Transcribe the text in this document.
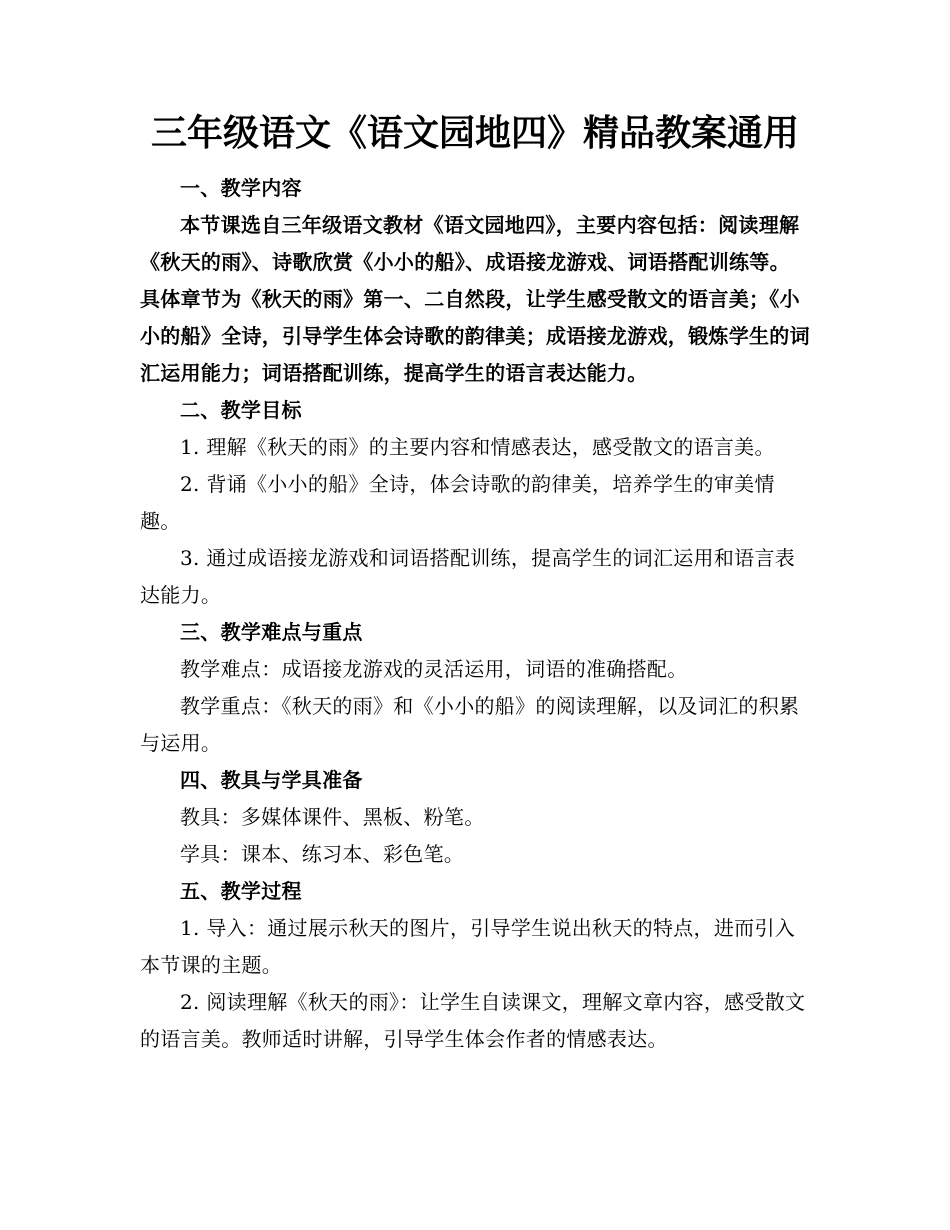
三年级语文《语文园地四》精品教案通用

一、教学内容

本节课选自三年级语文教材《语文园地四》，主要内容包括：阅读理解《秋天的雨》、诗歌欣赏《小小的船》、成语接龙游戏、词语搭配训练等。具体章节为《秋天的雨》第一、二自然段，让学生感受散文的语言美；《小小的船》全诗，引导学生体会诗歌的韵律美；成语接龙游戏，锻炼学生的词汇运用能力；词语搭配训练，提高学生的语言表达能力。

二、教学目标

1. 理解《秋天的雨》的主要内容和情感表达，感受散文的语言美。

2. 背诵《小小的船》全诗，体会诗歌的韵律美，培养学生的审美情趣。

3. 通过成语接龙游戏和词语搭配训练，提高学生的词汇运用和语言表达能力。

三、教学难点与重点

教学难点：成语接龙游戏的灵活运用，词语的准确搭配。

教学重点：《秋天的雨》和《小小的船》的阅读理解，以及词汇的积累与运用。

四、教具与学具准备

教具：多媒体课件、黑板、粉笔。

学具：课本、练习本、彩色笔。

五、教学过程

1. 导入：通过展示秋天的图片，引导学生说出秋天的特点，进而引入本节课的主题。

2. 阅读理解《秋天的雨》：让学生自读课文，理解文章内容，感受散文的语言美。教师适时讲解，引导学生体会作者的情感表达。
